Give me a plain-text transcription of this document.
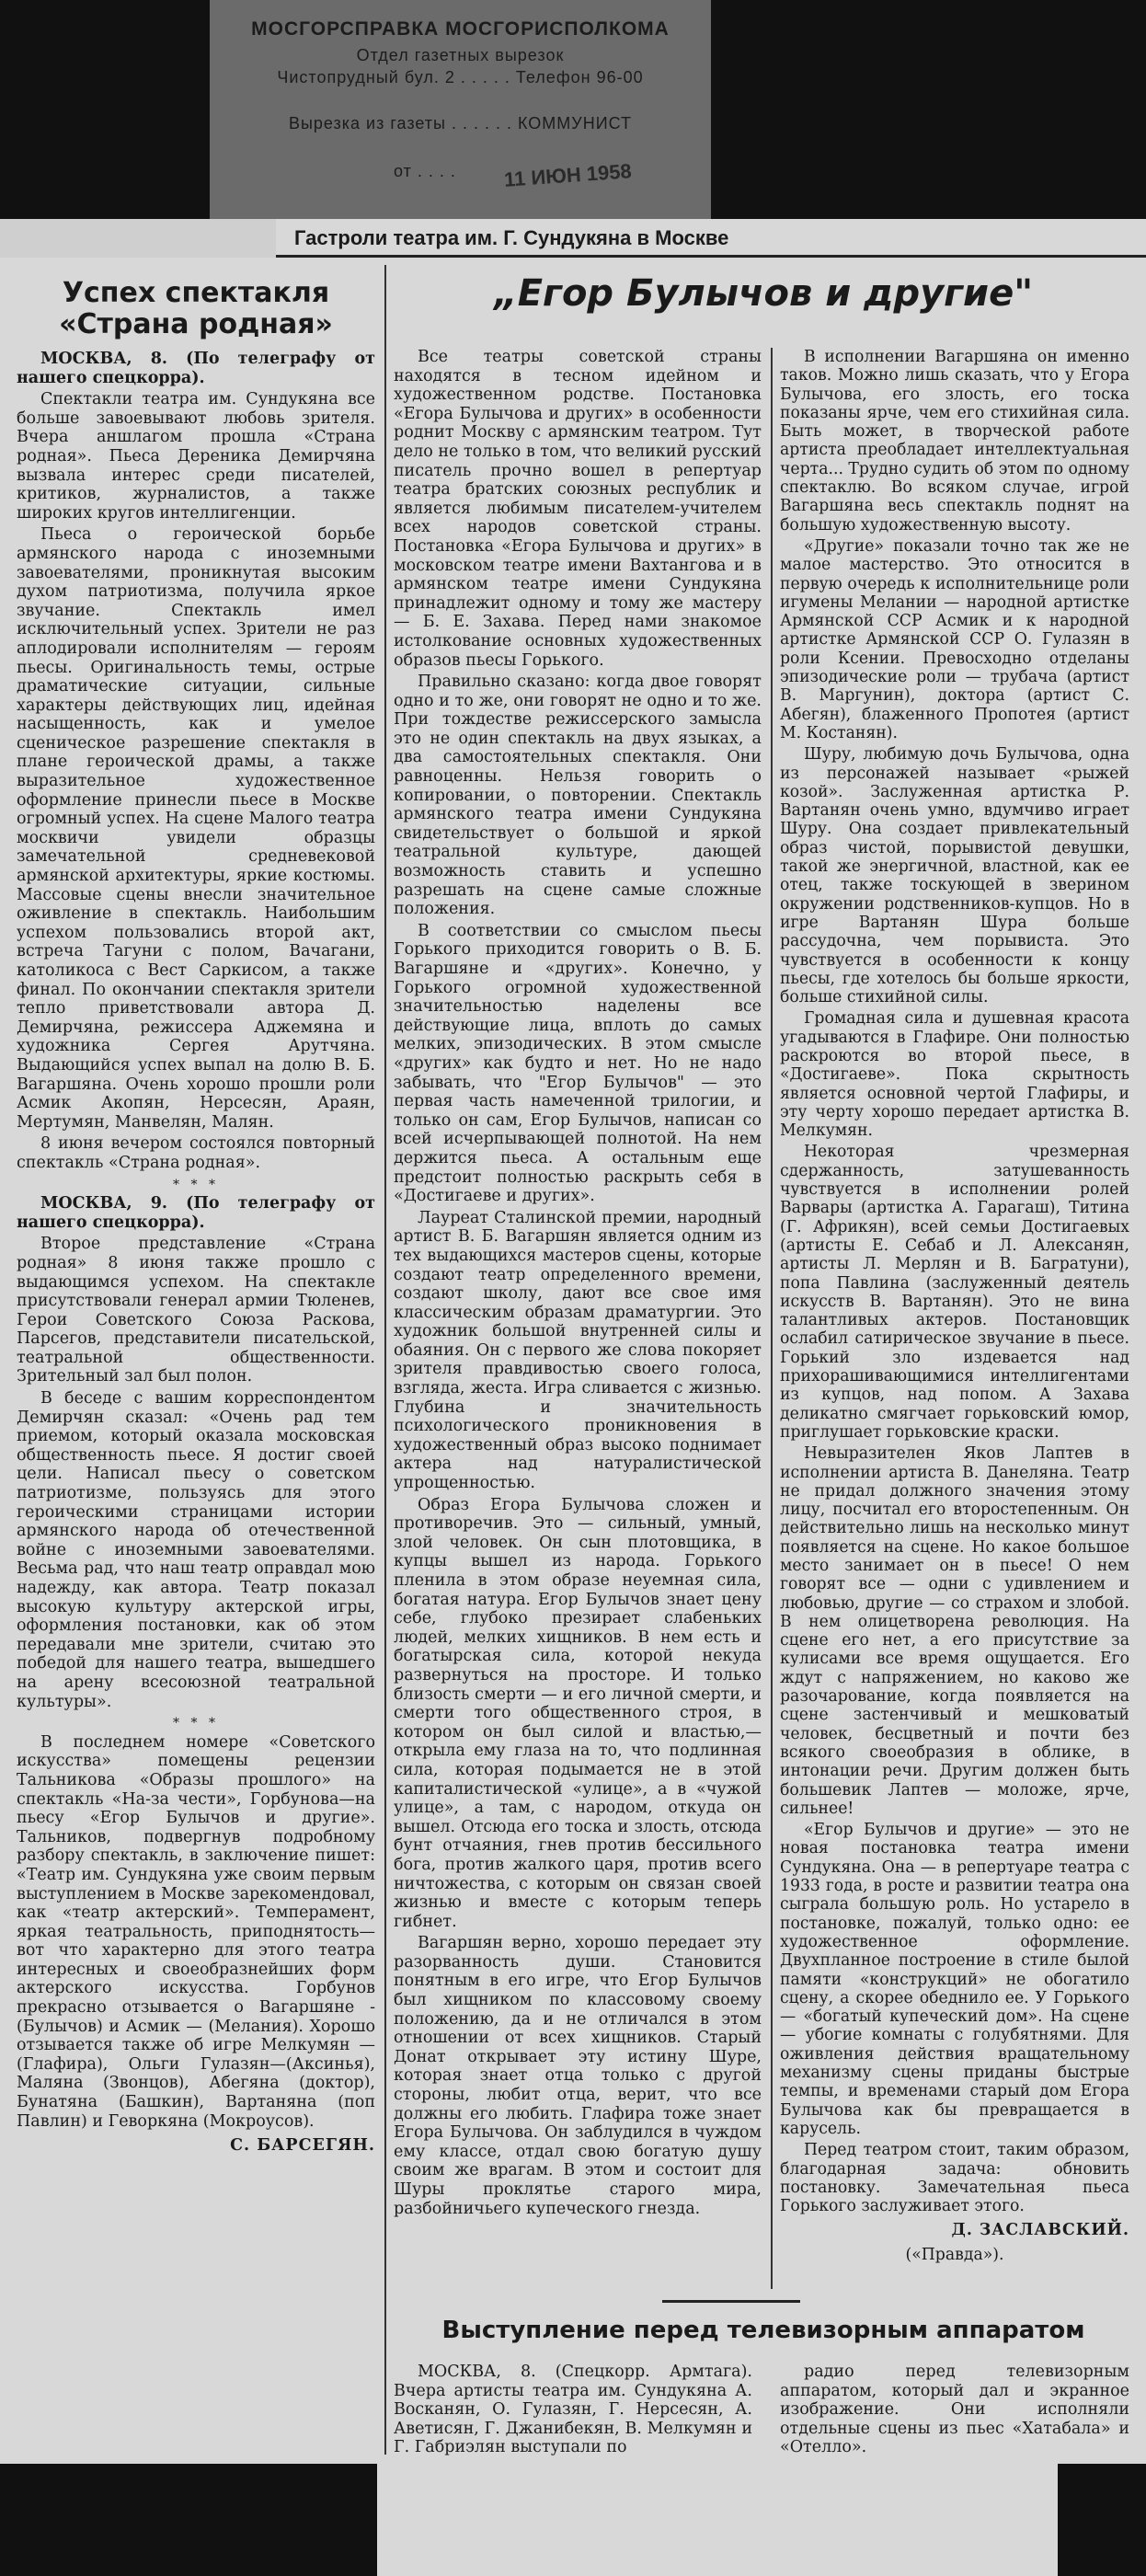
МОСГОРСПРАВКА МОСГОРИСПОЛКОМА
Отдел газетных вырезок
Чистопрудный бул. 2 . . . . . Телефон 96-00
Вырезка из газеты . . . . . . КОММУНИСТ
от . . . .	11 ИЮН 1958
Гастроли театра им. Г. Сундукяна в Москве
Успех спектакля «Страна родная»

МОСКВА, 8. (По телеграфу от нашего спецкорра).

Спектакли театра им. Сундукяна все больше завоевывают любовь зрителя. Вчера аншлагом прошла «Страна родная». Пьеса Дереника Демирчяна вызвала интерес среди писателей, критиков, журналистов, а также широких кругов интеллигенции.

Пьеса о героической борьбе армянского народа с иноземными завоевателями, проникнутая высоким духом патриотизма, получила яркое звучание. Спектакль имел исключительный успех. Зрители не раз аплодировали исполнителям — героям пьесы. Оригинальность темы, острые драматические ситуации, сильные характеры действующих лиц, идейная насыщенность, как и умелое сценическое разрешение спектакля в плане героической драмы, а также выразительное художественное оформление принесли пьесе в Москве огромный успех. На сцене Малого театра москвичи увидели образцы замечательной средневековой армянской архитектуры, яркие костюмы. Массовые сцены внесли значительное оживление в спектакль. Наибольшим успехом пользовались второй акт, встреча Тагуни с полом, Вачагани, католикоса с Вест Саркисом, а также финал. По окончании спектакля зрители тепло приветствовали автора Д. Демирчяна, режиссера Аджемяна и художника Сергея Арутчяна. Выдающийся успех выпал на долю В. Б. Вагаршяна. Очень хорошо прошли роли Асмик Акопян, Нерсесян, Араян, Мертумян, Манвелян, Малян.

8 июня вечером состоялся повторный спектакль «Страна родная».

* * *

МОСКВА, 9. (По телеграфу от нашего спецкорра).

Второе представление «Страна родная» 8 июня также прошло с выдающимся успехом. На спектакле присутствовали генерал армии Тюленев, Герои Советского Союза Раскова, Парсегов, представители писательской, театральной общественности. Зрительный зал был полон.

В беседе с вашим корреспондентом Демирчян сказал: «Очень рад тем приемом, который оказала московская общественность пьесе. Я достиг своей цели. Написал пьесу о советском патриотизме, пользуясь для этого героическими страницами истории армянского народа об отечественной войне с иноземными завоевателями. Весьма рад, что наш театр оправдал мою надежду, как автора. Театр показал высокую культуру актерской игры, оформления постановки, как об этом передавали мне зрители, считаю это победой для нашего театра, вышедшего на арену всесоюзной театральной культуры».

* * *

В последнем номере «Советского искусства» помещены рецензии Тальникова «Образы прошлого» на спектакль «На-за чести», Горбунова—на пьесу «Егор Булычов и другие». Тальников, подвергнув подробному разбору спектакль, в заключение пишет: «Театр им. Сундукяна уже своим первым выступлением в Москве зарекомендовал, как «театр актерский». Темперамент, яркая театральность, приподнятость—вот что характерно для этого театра интересных и своеобразнейших форм актерского искусства. Горбунов прекрасно отзывается о Вагаршяне - (Булычов) и Асмик — (Мелания). Хорошо отзывается также об игре Мелкумян — (Глафира), Ольги Гулазян—(Аксинья), Маляна (Звонцов), Абегяна (доктор), Бунатяна (Башкин), Вартаняна (поп Павлин) и Геворкяна (Мокроусов).

С. БАРСЕГЯН.
„Егор Булычов и другие"

Все театры советской страны находятся в тесном идейном и художественном родстве. Постановка «Егора Булычова и других» в особенности роднит Москву с армянским театром. Тут дело не только в том, что великий русский писатель прочно вошел в репертуар театра братских союзных республик и является любимым писателем-учителем всех народов советской страны. Постановка «Егора Булычова и других» в московском театре имени Вахтангова и в армянском театре имени Сундукяна принадлежит одному и тому же мастеру — Б. Е. Захава. Перед нами знакомое истолкование основных художественных образов пьесы Горького.

Правильно сказано: когда двое говорят одно и то же, они говорят не одно и то же. При тождестве режиссерского замысла это не один спектакль на двух языках, а два самостоятельных спектакля. Они равноценны. Нельзя говорить о копировании, о повторении. Спектакль армянского театра имени Сундукяна свидетельствует о большой и яркой театральной культуре, дающей возможность ставить и успешно разрешать на сцене самые сложные положения.

В соответствии со смыслом пьесы Горького приходится говорить о В. Б. Вагаршяне и «других». Конечно, у Горького огромной художественной значительностью наделены все действующие лица, вплоть до самых мелких, эпизодических. В этом смысле «других» как будто и нет. Но не надо забывать, что "Егор Булычов" — это первая часть намеченной трилогии, и только он сам, Егор Булычов, написан со всей исчерпывающей полнотой. На нем держится пьеса. А остальным еще предстоит полностью раскрыть себя в «Достигаеве и других».

Лауреат Сталинской премии, народный артист В. Б. Вагаршян является одним из тех выдающихся мастеров сцены, которые создают театр определенного времени, создают школу, дают все свое имя классическим образам драматургии. Это художник большой внутренней силы и обаяния. Он с первого же слова покоряет зрителя правдивостью своего голоса, взгляда, жеста. Игра сливается с жизнью. Глубина и значительность психологического проникновения в художественный образ высоко поднимает актера над натуралистической упрощенностью.

Образ Егора Булычова сложен и противоречив. Это — сильный, умный, злой человек. Он сын плотовщика, в купцы вышел из народа. Горького пленила в этом образе неуемная сила, богатая натура. Егор Булычов знает цену себе, глубоко презирает слабеньких людей, мелких хищников. В нем есть и богатырская сила, которой некуда развернуться на просторе. И только близость смерти — и его личной смерти, и смерти того общественного строя, в котором он был силой и властью,— открыла ему глаза на то, что подлинная сила, которая подымается не в этой капиталистической «улице», а в «чужой улице», а там, с народом, откуда он вышел. Отсюда его тоска и злость, отсюда бунт отчаяния, гнев против бессильного бога, против жалкого царя, против всего ничтожества, с которым он связан своей жизнью и вместе с которым теперь гибнет.

Вагаршян верно, хорошо передает эту разорванность души. Становится понятным в его игре, что Егор Булычов был хищником по классовому своему положению, да и не отличался в этом отношении от всех хищников. Старый Донат открывает эту истину Шуре, которая знает отца только с другой стороны, любит отца, верит, что все должны его любить. Глафира тоже знает Егора Булычова. Он заблудился в чуждом ему классе, отдал свою богатую душу своим же врагам. В этом и состоит для Шуры проклятье старого мира, разбойничьего купеческого гнезда.

В исполнении Вагаршяна он именно таков. Можно лишь сказать, что у Егора Булычова, его злость, его тоска показаны ярче, чем его стихийная сила. Быть может, в творческой работе артиста преобладает интеллектуальная черта... Трудно судить об этом по одному спектаклю. Во всяком случае, игрой Вагаршяна весь спектакль поднят на большую художественную высоту.

«Другие» показали точно так же не малое мастерство. Это относится в первую очередь к исполнительнице роли игумены Мелании — народной артистке Армянской ССР Асмик и к народной артистке Армянской ССР О. Гулазян в роли Ксении. Превосходно отделаны эпизодические роли — трубача (артист В. Маргунин), доктора (артист С. Абегян), блаженного Пропотея (артист М. Костанян).

Шуру, любимую дочь Булычова, одна из персонажей называет «рыжей козой». Заслуженная артистка Р. Вартанян очень умно, вдумчиво играет Шуру. Она создает привлекательный образ чистой, порывистой девушки, такой же энергичной, властной, как ее отец, также тоскующей в зверином окружении родственников-купцов. Но в игре Вартанян Шура больше рассудочна, чем порывиста. Это чувствуется в особенности к концу пьесы, где хотелось бы больше яркости, больше стихийной силы.

Громадная сила и душевная красота угадываются в Глафире. Они полностью раскроются во второй пьесе, в «Достигаеве». Пока скрытность является основной чертой Глафиры, и эту черту хорошо передает артистка В. Мелкумян.

Некоторая чрезмерная сдержанность, затушеванность чувствуется в исполнении ролей Варвары (артистка А. Гарагаш), Титина (Г. Африкян), всей семьи Достигаевых (артисты Е. Себаб и Л. Алексанян, артисты Л. Мерлян и В. Багратуни), попа Павлина (заслуженный деятель искусств В. Вартанян). Это не вина талантливых актеров. Постановщик ослабил сатирическое звучание в пьесе. Горький зло издевается над прихорашивающимися интеллигентами из купцов, над попом. А Захава деликатно смягчает горьковский юмор, приглушает горьковские краски.

Невыразителен Яков Лаптев в исполнении артиста В. Данеляна. Театр не придал должного значения этому лицу, посчитал его второстепенным. Он действительно лишь на несколько минут появляется на сцене. Но какое большое место занимает он в пьесе! О нем говорят все — одни с удивлением и любовью, другие — со страхом и злобой. В нем олицетворена революция. На сцене его нет, а его присутствие за кулисами все время ощущается. Его ждут с напряжением, но каково же разочарование, когда появляется на сцене застенчивый и мешковатый человек, бесцветный и почти без всякого своеобразия в облике, в интонации речи. Другим должен быть большевик Лаптев — моложе, ярче, сильнее!

«Егор Булычов и другие» — это не новая постановка театра имени Сундукяна. Она — в репертуаре театра с 1933 года, в росте и развитии театра она сыграла большую роль. Но устарело в постановке, пожалуй, только одно: ее художественное оформление. Двухпланное построение в стиле былой памяти «конструкций» не обогатило сцену, а скорее обеднило ее. У Горького — «богатый купеческий дом». На сцене — убогие комнаты с голубятнями. Для оживления действия вращательному механизму сцены приданы быстрые темпы, и временами старый дом Егора Булычова как бы превращается в карусель.

Перед театром стоит, таким образом, благодарная задача: обновить постановку. Замечательная пьеса Горького заслуживает этого.

Д. ЗАСЛАВСКИЙ.
(«Правда»).
Выступление перед телевизорным аппаратом

МОСКВА, 8. (Спецкорр. Армтага). Вчера артисты театра им. Сундукяна А. Восканян, О. Гулазян, Г. Нерсесян, А. Аветисян, Г. Джанибекян, В. Мелкумян и Г. Габриэлян выступали по

радио перед телевизорным аппаратом, который дал и экранное изображение. Они исполняли отдельные сцены из пьес «Хатабала» и «Отелло».
